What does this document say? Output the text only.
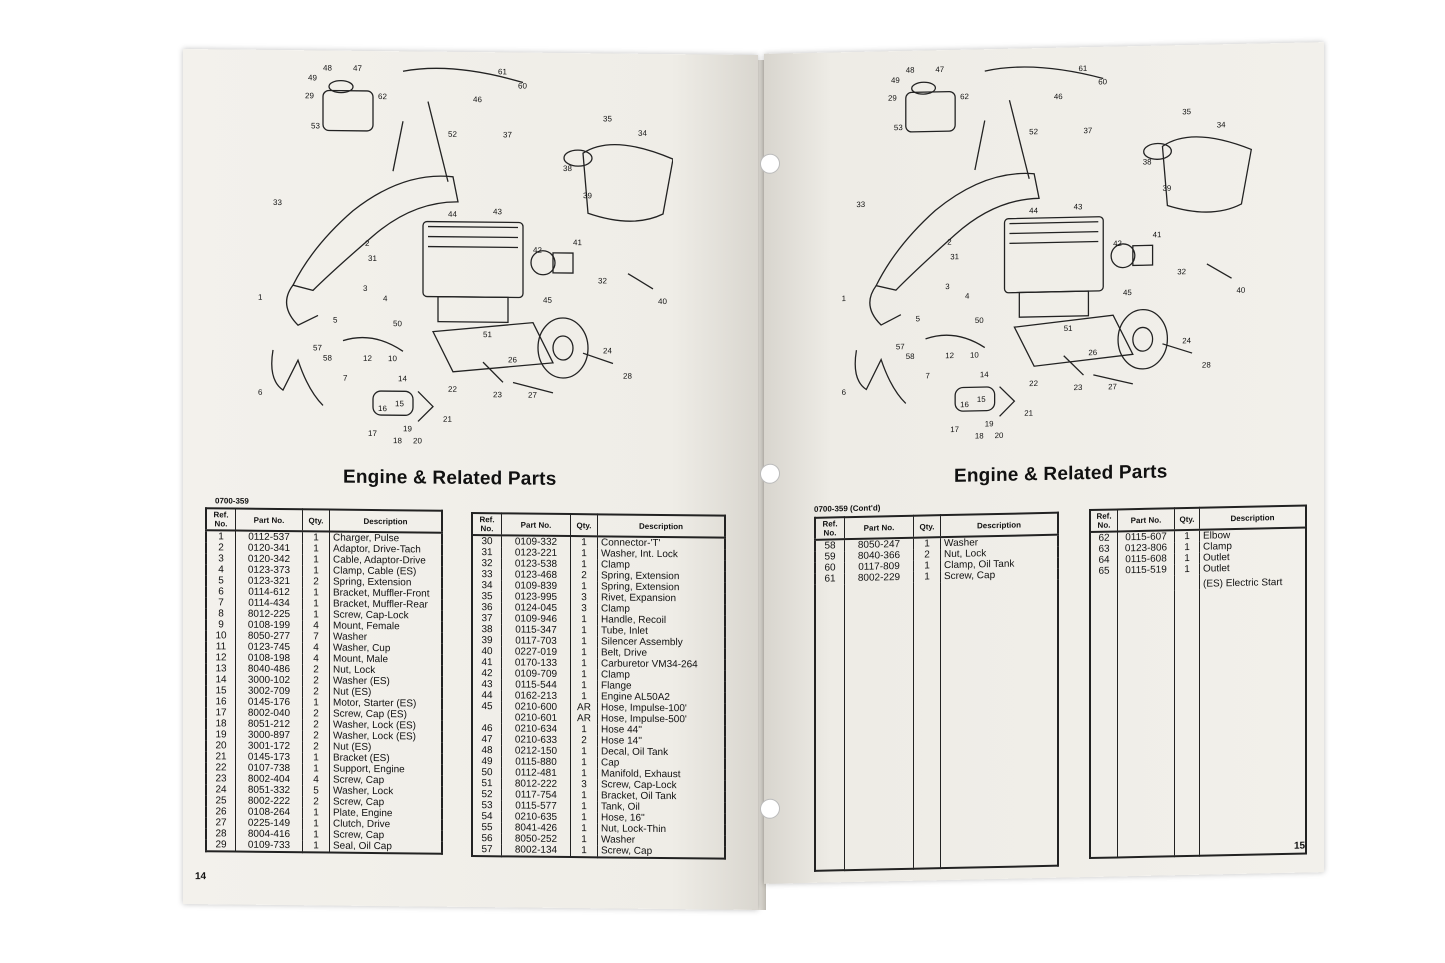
49
48	47
29
53
62
61
60
46
52
35
34
38
39
37
33
44	43
42
41
32
1
2
31
3
4
5
45	40
50
57
58	10
51
26
24
28
22
23	27
6
7
12
14
16
21
17
18 20
19
15
Engine & Related Parts
0700-359
Ref. No.	Part No.	Qty.	Description
1	0112-537	1	Charger, Pulse
2	0120-341	1	Adaptor, Drive-Tach
3	0120-342	1	Cable, Adaptor-Drive
4	0123-373	1	Clamp, Cable (ES)
5	0123-321	2	Spring, Extension
6	0114-612	1	Bracket, Muffler-Front
7	0114-434	1	Bracket, Muffler-Rear
8	8012-225	1	Screw, Cap-Lock
9	0108-199	4	Mount, Female
10	8050-277	7	Washer
11	0123-745	4	Washer, Cup
12	0108-198	4	Mount, Male
13	8040-486	2	Nut, Lock
14	3000-102	2	Washer (ES)
15	3002-709	2	Nut (ES)
16	0145-176	1	Motor, Starter (ES)
17	8002-040	2	Screw, Cap (ES)
18	8051-212	2	Washer, Lock (ES)
19	3000-897	2	Washer, Lock (ES)
20	3001-172	2	Nut (ES)
21	0145-173	1	Bracket (ES)
22	0107-738	1	Support, Engine
23	8002-404	4	Screw, Cap
24	8051-332	5	Washer, Lock
25	8002-222	2	Screw, Cap
26	0108-264	1	Plate, Engine
27	0225-149	1	Clutch, Drive
28	8004-416	1	Screw, Cap
29	0109-733	1	Seal, Oil Cap

Ref. No.	Part No.	Qty.	Description
30	0109-332	1	Connector-'T'
31	0123-221	1	Washer, Int. Lock
32	0123-538	1	Clamp
33	0123-468	2	Spring, Extension
34	0109-839	1	Spring, Extension
35	0123-995	3	Rivet, Expansion
36	0124-045	3	Clamp
37	0109-946	1	Handle, Recoil
38	0115-347	1	Tube, Inlet
39	0117-703	1	Silencer Assembly
40	0227-019	1	Belt, Drive
41	0170-133	1	Carburetor VM34-264
42	0109-709	1	Clamp
43	0115-544	1	Flange
44	0162-213	1	Engine AL50A2
45	0210-600	AR	Hose, Impulse-100'
	0210-601	AR	Hose, Impulse-500'
46	0210-634	1	Hose 44''
47	0210-633	2	Hose 14''
48	0212-150	1	Decal, Oil Tank
49	0115-880	1	Cap
50	0112-481	1	Manifold, Exhaust
51	8012-222	3	Screw, Cap-Lock
52	0117-754	1	Bracket, Oil Tank
53	0115-577	1	Tank, Oil
54	0210-635	1	Hose, 16''
55	8041-426	1	Nut, Lock-Thin
56	8050-252	1	Washer
57	8002-134	1	Screw, Cap

14
49
48	47
29
53
62
61
60
46
52
35
34
38
39
37
33
44	43
42
41
32
1
2
31
3
4
5
45	40
50
57
58	10
51
26
24
28
22	23	27
6
7
12
14
16
21
17
18 20
19
15
Engine & Related Parts
0700-359 (Cont'd)
Ref. No.	Part No.	Qty.	Description
58	8050-247	1	Washer
59	8040-366	2	Nut, Lock
60	0117-809	1	Clamp, Oil Tank
61	8002-229	1	Screw, Cap

Ref. No.	Part No.	Qty.	Description
62	0115-607	1	Elbow
63	0123-806	1	Clamp
64	0115-608	1	Outlet
65	0115-519	1	Outlet
			(ES) Electric Start

15
